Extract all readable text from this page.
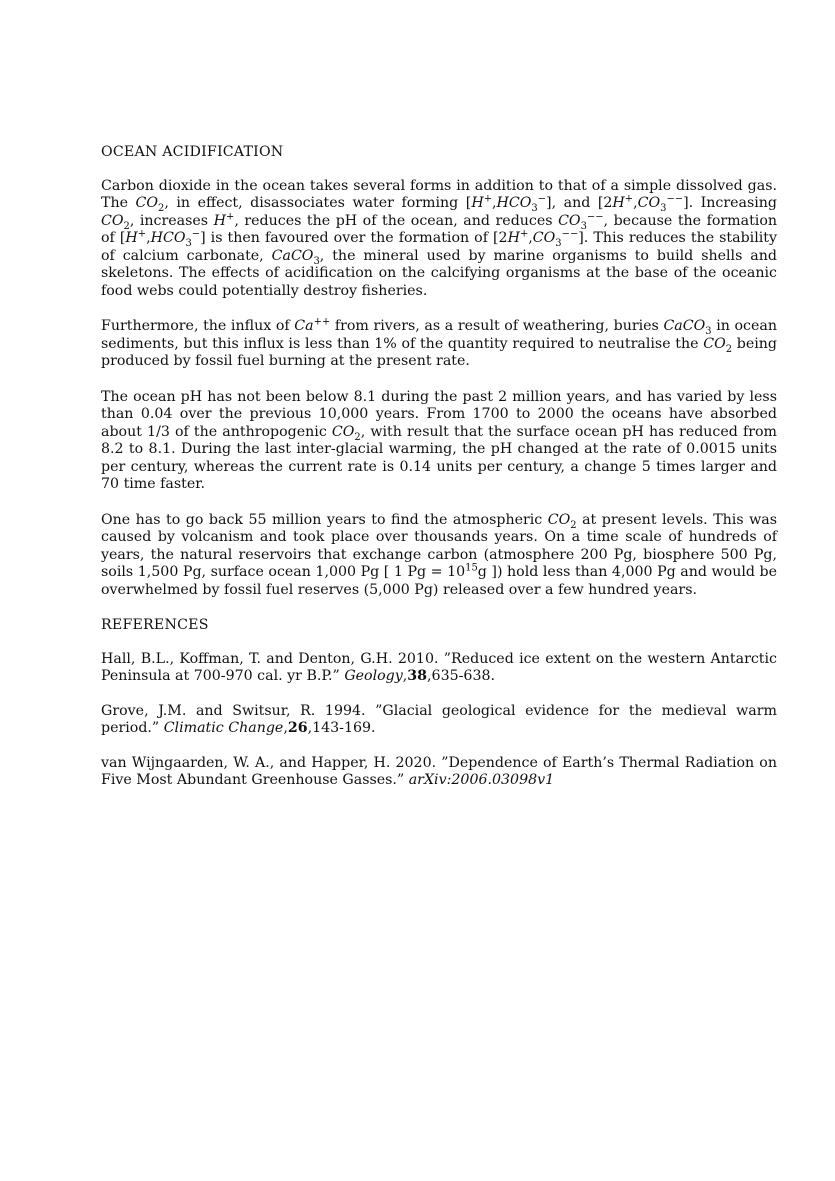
OCEAN ACIDIFICATION
Carbon dioxide in the ocean takes several forms in addition to that of a simple dissolved gas. The $CO_2$, in effect, disassociates water forming $[H^+,HCO_3^-]$, and $[2H^+,CO_3^{--}]$. Increasing $CO_2$, increases H+, reduces the pH of the ocean, and reduces $CO_3^{--}$, because the formation of $[H^+,HCO_3^-]$ is then favoured over the formation of $[2H^+,CO_3^{--}]$. This reduces the stability of calcium carbonate, CaCO$_3$, the mineral used by marine organisms to build shells and skeletons. The effects of acidification on the calcifying organisms at the base of the oceanic food webs could potentially destroy fisheries.
Furthermore, the influx of Ca++ from rivers, as a result of weathering, buries CaCO$_3$ in ocean sediments, but this influx is less than 1% of the quantity required to neutralise the $CO_2$ being produced by fossil fuel burning at the present rate.
The ocean pH has not been below 8.1 during the past 2 million years, and has varied by less than 0.04 over the previous 10,000 years. From 1700 to 2000 the oceans have absorbed about 1/3 of the anthropogenic $CO_2$, with result that the surface ocean pH has reduced from 8.2 to 8.1. During the last inter-glacial warming, the pH changed at the rate of 0.0015 units per century, whereas the current rate is 0.14 units per century, a change 5 times larger and 70 time faster.
One has to go back 55 million years to find the atmospheric $CO_2$ at present levels. This was caused by volcanism and took place over thousands years. On a time scale of hundreds of years, the natural reservoirs that exchange carbon (atmosphere 200 Pg, biosphere 500 Pg, soils 1,500 Pg, surface ocean 1,000 Pg [ 1 $Pg = 10^{15}g$ ]) hold less than 4,000 Pg and would be overwhelmed by fossil fuel reserves (5,000 Pg) released over a few hundred years.
REFERENCES
Hall, B.L., Koffman, T. and Denton, G.H. 2010. ”Reduced ice extent on the western Antarctic Peninsula at 700-970 cal. yr B.P.” Geology,38,635-638.
Grove, J.M. and Switsur, R. 1994. ”Glacial geological evidence for the medieval warm period.” Climatic Change,26,143-169.
van Wijngaarden, W. A., and Happer, H. 2020. ”Dependence of Earth’s Thermal Radiation on Five Most Abundant Greenhouse Gasses.” arXiv:2006.03098v1
